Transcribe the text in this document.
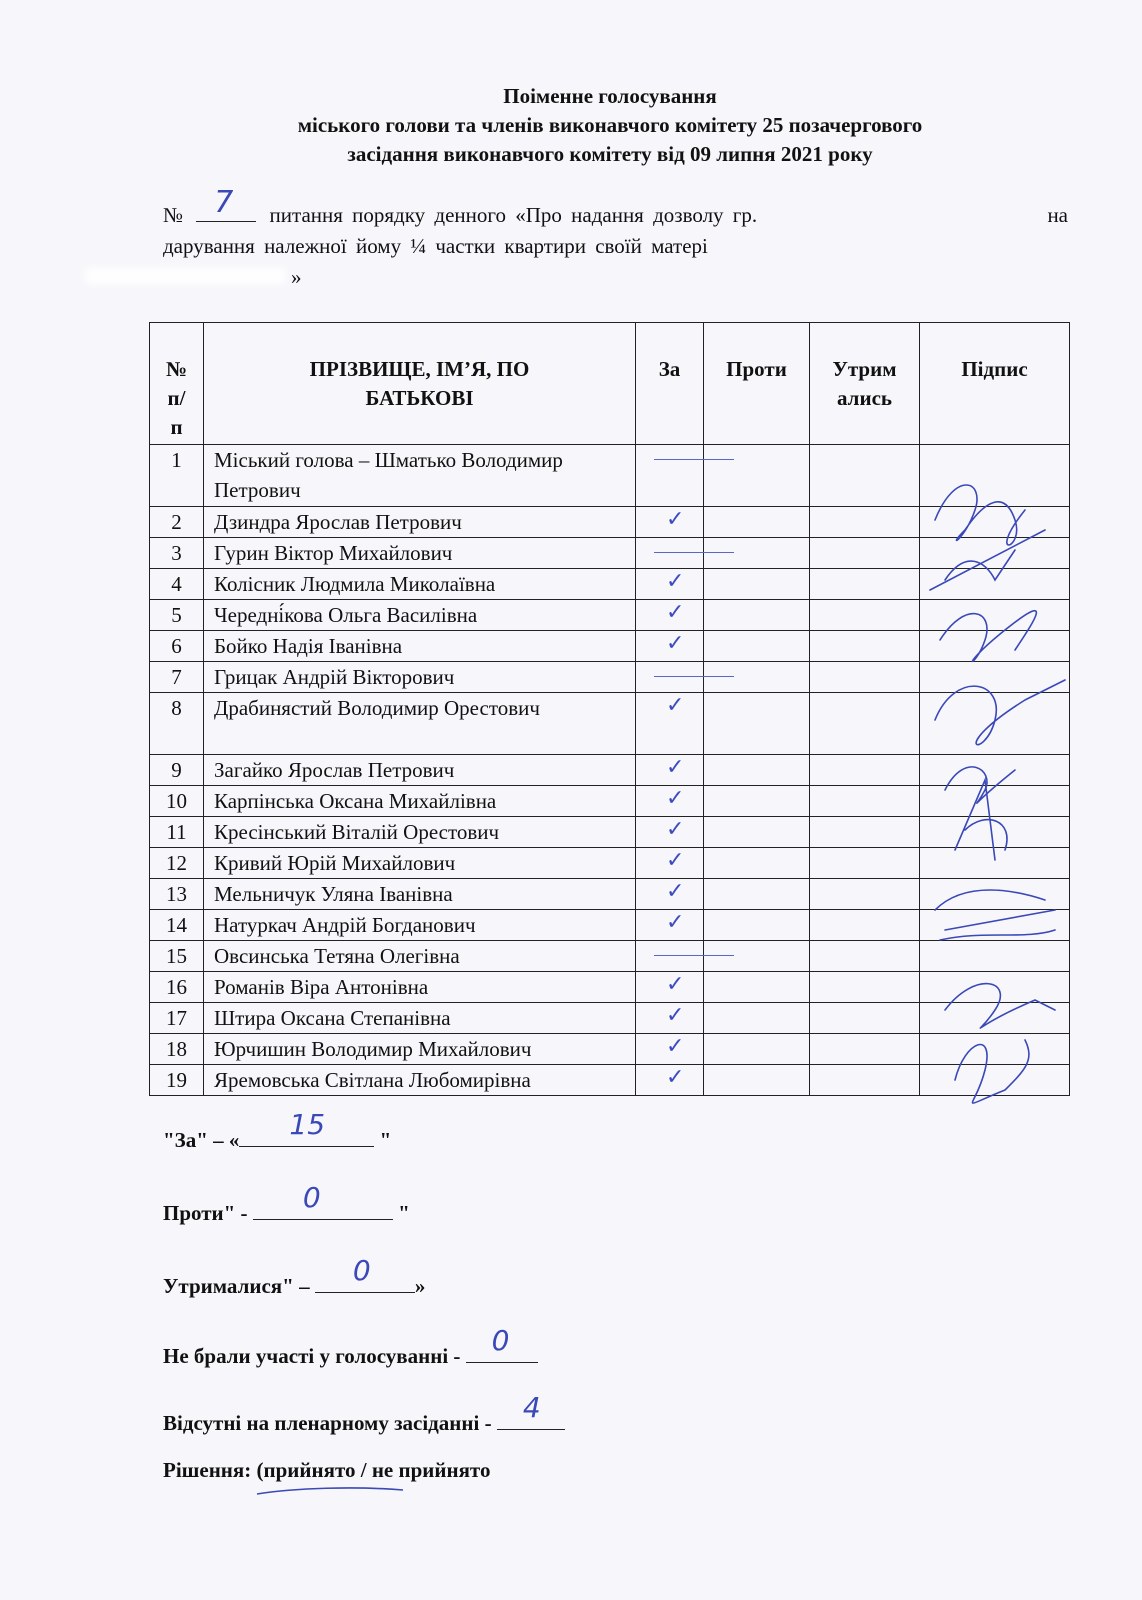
Поіменне голосування
міського голови та членів виконавчого комітету 25 позачергового
засідання виконавчого комітету від 09 липня 2021 року
№ 7 питання порядку денного «Про надання дозволу гр.	на
дарування належної йому ¼ частки квартири своїй матері
»
№ п/п	ПРІЗВИЩЕ, ІМ’Я, ПО БАТЬКОВІ	За	Проти	Утрим ались	Підпис
1	Міський голова – Шматько Володимир Петрович	

2	Дзиндра Ярослав Петрович	✓			

3	Гурин Віктор Михайлович	

4	Колісник Людмила Миколаївна	✓			

5	Чередні́кова Ольга Василівна	✓			

6	Бойко Надія Іванівна	✓			

7	Грицак Андрій Вікторович	

8	Драбинястий Володимир Орестович	✓			

9	Загайко Ярослав Петрович	✓			

10	Карпінська Оксана Михайлівна	✓			

11	Кресінський Віталій Орестович	✓			

12	Кривий Юрій Михайлович	✓			

13	Мельничук Уляна Іванівна	✓			

14	Натуркач Андрій Богданович	✓			

15	Овсинська Тетяна Олегівна	

16	Романів Віра Антонівна	✓			

17	Штира Оксана Степанівна	✓			

18	Юрчишин Володимир Михайлович	✓			

19	Яремовська Світлана Любомирівна	✓			

"За" – « 15 "
Проти" - 0	"
Утрималися" – 0 »
Не брали участі у голосуванні - 0
Відсутні на пленарному засіданні - 4
Рішення: (прийнято / не прийнято
